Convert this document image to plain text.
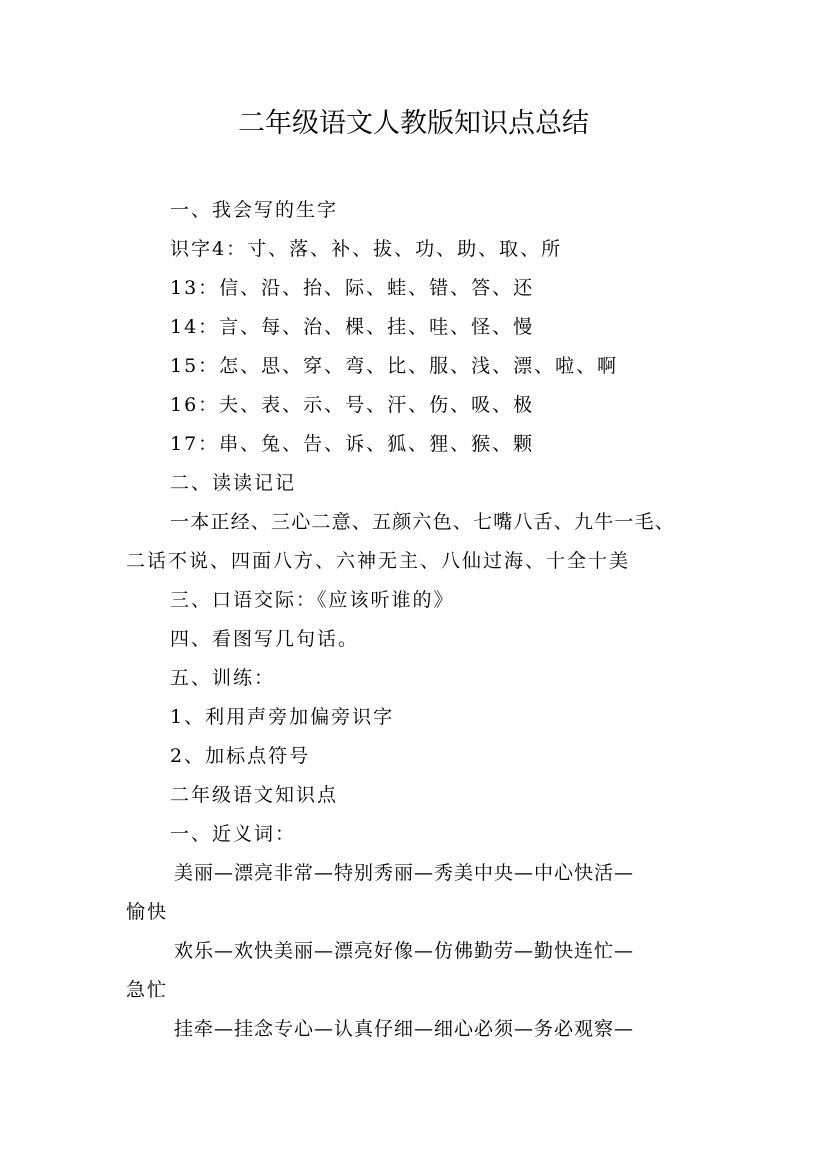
二年级语文人教版知识点总结
一、我会写的生字
识字4：寸、落、补、拔、功、助、取、所
13：信、沿、抬、际、蛙、错、答、还
14：言、每、治、棵、挂、哇、怪、慢
15：怎、思、穿、弯、比、服、浅、漂、啦、啊
16：夫、表、示、号、汗、伤、吸、极
17：串、兔、告、诉、狐、狸、猴、颗
二、读读记记
一本正经、三心二意、五颜六色、七嘴八舌、九牛一毛、
二话不说、四面八方、六神无主、八仙过海、十全十美
三、口语交际：《应该听谁的》
四、看图写几句话。
五、训练：
1、利用声旁加偏旁识字
2、加标点符号
二年级语文知识点
一、近义词：
美丽—漂亮非常—特别秀丽—秀美中央—中心快活—
愉快
欢乐—欢快美丽—漂亮好像—仿佛勤劳—勤快连忙—
急忙
挂牵—挂念专心—认真仔细—细心必须—务必观察—
